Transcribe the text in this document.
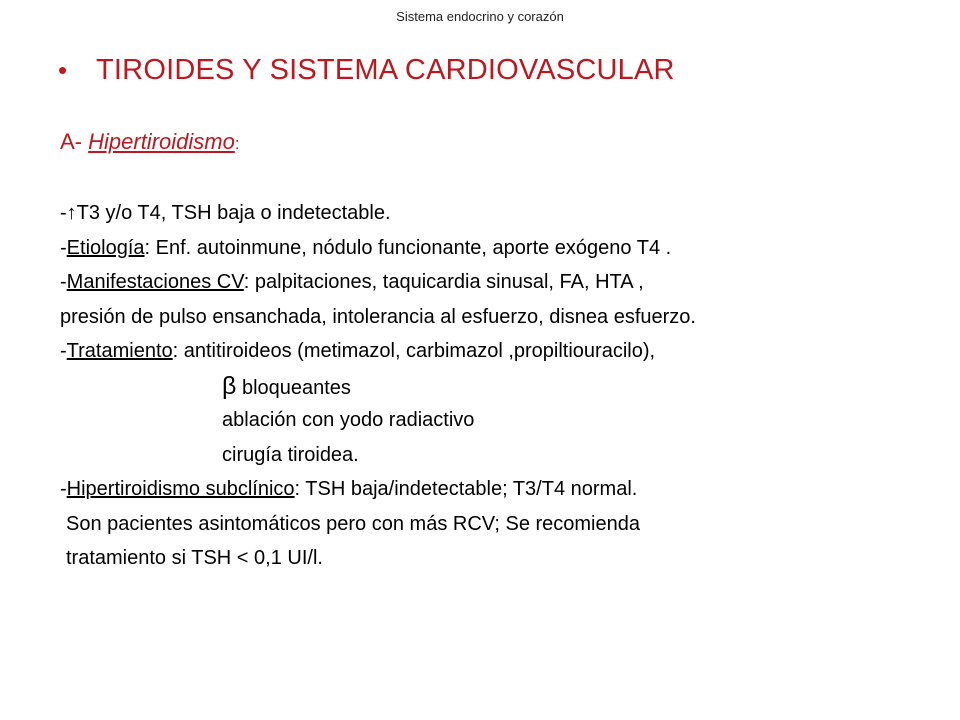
Sistema endocrino y corazón
• TIROIDES Y SISTEMA CARDIOVASCULAR
A- Hipertiroidismo:
-↑T3 y/o T4, TSH baja o indetectable.
-Etiología: Enf. autoinmune, nódulo funcionante, aporte exógeno T4 .
-Manifestaciones CV: palpitaciones, taquicardia sinusal, FA, HTA ,
presión de pulso ensanchada, intolerancia al esfuerzo, disnea esfuerzo.
-Tratamiento: antitiroideos (metimazol, carbimazol ,propiltiouracilo),
β bloqueantes
ablación con yodo radiactivo
cirugía tiroidea.
-Hipertiroidismo subclínico: TSH baja/indetectable; T3/T4 normal.
Son pacientes asintomáticos pero con más RCV; Se recomienda
tratamiento si TSH < 0,1 UI/l.
